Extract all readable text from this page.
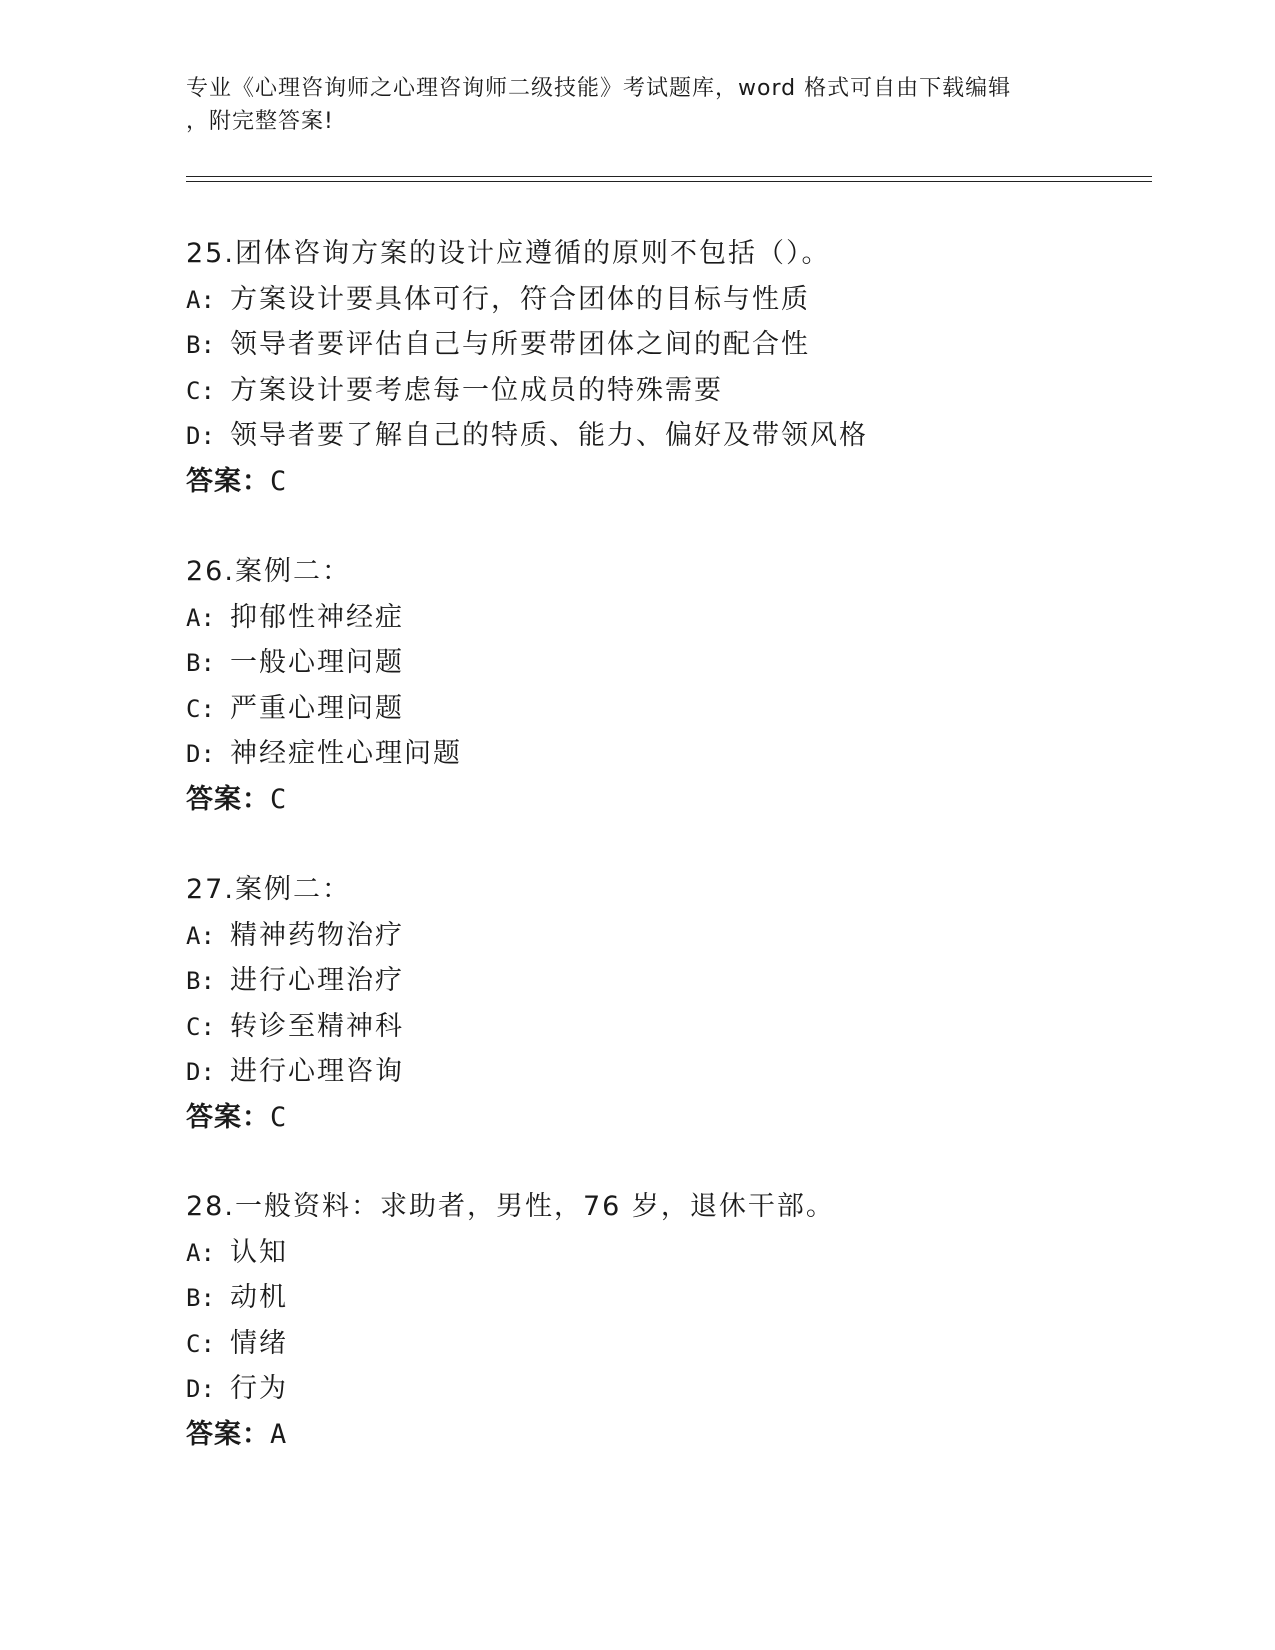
专业《心理咨询师之心理咨询师二级技能》考试题库，word 格式可自由下载编辑
，附完整答案!
25.团体咨询方案的设计应遵循的原则不包括（）。
A: 方案设计要具体可行，符合团体的目标与性质
B: 领导者要评估自己与所要带团体之间的配合性
C: 方案设计要考虑每一位成员的特殊需要
D: 领导者要了解自己的特质、能力、偏好及带领风格
答案：C
26.案例二：
A: 抑郁性神经症
B: 一般心理问题
C: 严重心理问题
D: 神经症性心理问题
答案：C
27.案例二：
A: 精神药物治疗
B: 进行心理治疗
C: 转诊至精神科
D: 进行心理咨询
答案：C
28.一般资料：求助者，男性，76 岁，退休干部。
A: 认知
B: 动机
C: 情绪
D: 行为
答案：A
